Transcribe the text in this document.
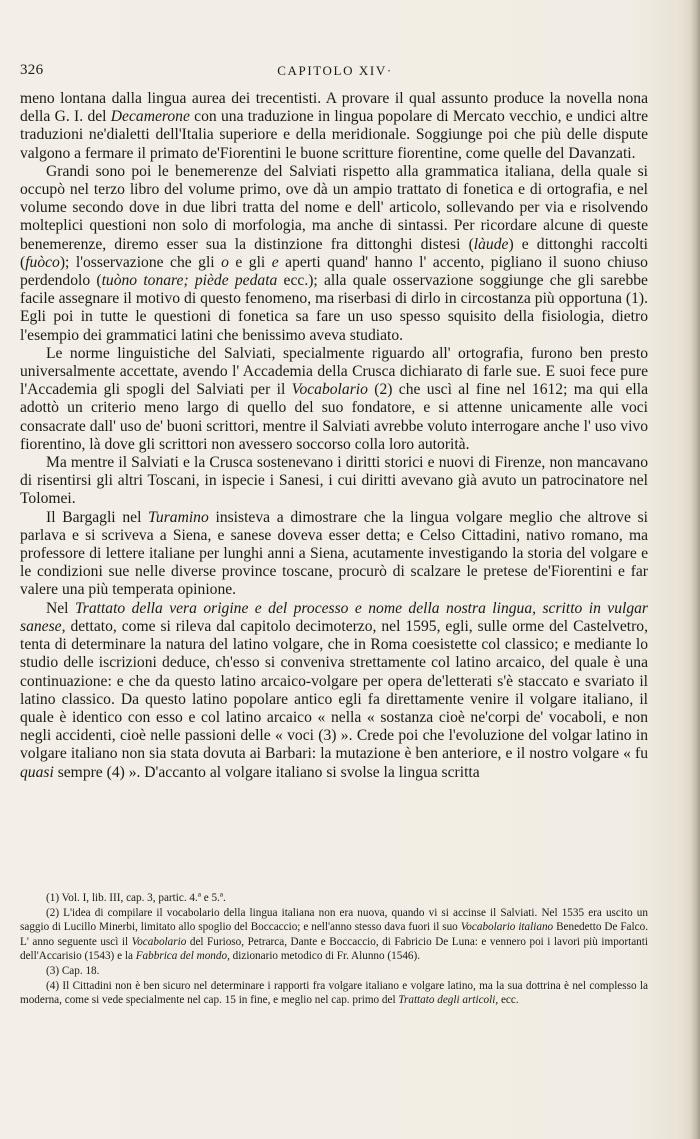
326	CAPITOLO XIV·

meno lontana dalla lingua aurea dei trecentisti. A provare il qual assunto produce la novella nona della G. I. del Decamerone con una traduzione in lingua popolare di Mercato vecchio, e undici altre traduzioni ne'dialetti dell'Italia superiore e della meridionale. Soggiunge poi che più delle dispute valgono a fermare il primato de'Fiorentini le buone scritture fiorentine, come quelle del Davanzati.

Grandi sono poi le benemerenze del Salviati rispetto alla grammatica italiana, della quale si occupò nel terzo libro del volume primo, ove dà un ampio trattato di fonetica e di ortografia, e nel volume secondo dove in due libri tratta del nome e dell' articolo, sollevando per via e risolvendo molteplici questioni non solo di morfologia, ma anche di sintassi. Per ricordare alcune di queste benemerenze, diremo esser sua la distinzione fra dittonghi distesi (làude) e dittonghi raccolti (fuòco); l'osservazione che gli o e gli e aperti quand' hanno l' accento, pigliano il suono chiuso perdendolo (tuòno tonare; piède pedata ecc.); alla quale osservazione soggiunge che gli sarebbe facile assegnare il motivo di questo fenomeno, ma riserbasi di dirlo in circostanza più opportuna (1). Egli poi in tutte le questioni di fonetica sa fare un uso spesso squisito della fisiologia, dietro l'esempio dei grammatici latini che benissimo aveva studiato.

Le norme linguistiche del Salviati, specialmente riguardo all' ortografia, furono ben presto universalmente accettate, avendo l' Accademia della Crusca dichiarato di farle sue. E suoi fece pure l'Accademia gli spogli del Salviati per il Vocabolario (2) che uscì al fine nel 1612; ma qui ella adottò un criterio meno largo di quello del suo fondatore, e si attenne unicamente alle voci consacrate dall' uso de' buoni scrittori, mentre il Salviati avrebbe voluto interrogare anche l' uso vivo fiorentino, là dove gli scrittori non avessero soccorso colla loro autorità.

Ma mentre il Salviati e la Crusca sostenevano i diritti storici e nuovi di Firenze, non mancavano di risentirsi gli altri Toscani, in ispecie i Sanesi, i cui diritti avevano già avuto un patrocinatore nel Tolomei.

Il Bargagli nel Turamino insisteva a dimostrare che la lingua volgare meglio che altrove si parlava e si scriveva a Siena, e sanese doveva esser detta; e Celso Cittadini, nativo romano, ma professore di lettere italiane per lunghi anni a Siena, acutamente investigando la storia del volgare e le condizioni sue nelle diverse province toscane, procurò di scalzare le pretese de'Fiorentini e far valere una più temperata opinione.

Nel Trattato della vera origine e del processo e nome della nostra lingua, scritto in vulgar sanese, dettato, come si rileva dal capitolo decimoterzo, nel 1595, egli, sulle orme del Castelvetro, tenta di determinare la natura del latino volgare, che in Roma coesistette col classico; e mediante lo studio delle iscrizioni deduce, ch'esso si conveniva strettamente col latino arcaico, del quale è una continuazione: e che da questo latino arcaico-volgare per opera de'letterati s'è staccato e svariato il latino classico. Da questo latino popolare antico egli fa direttamente venire il volgare italiano, il quale è identico con esso e col latino arcaico « nella « sostanza cioè ne'corpi de' vocaboli, e non negli accidenti, cioè nelle passioni delle « voci (3) ». Crede poi che l'evoluzione del volgar latino in volgare italiano non sia stata dovuta ai Barbari: la mutazione è ben anteriore, e il nostro volgare « fu quasi sempre (4) ». D'accanto al volgare italiano si svolse la lingua scritta

(1) Vol. I, lib. III, cap. 3, partic. 4.ª e 5.ª.

(2) L'idea di compilare il vocabolario della lingua italiana non era nuova, quando vi si accinse il Salviati. Nel 1535 era uscito un saggio di Lucillo Minerbi, limitato allo spoglio del Boccaccio; e nell'anno stesso dava fuori il suo Vocabolario italiano Benedetto De Falco. L' anno seguente uscì il Vocabolario del Furioso, Petrarca, Dante e Boccaccio, di Fabricio De Luna: e vennero poi i lavori più importanti dell'Accarisio (1543) e la Fabbrica del mondo, dizionario metodico di Fr. Alunno (1546).

(3) Cap. 18.

(4) Il Cittadini non è ben sicuro nel determinare i rapporti fra volgare italiano e volgare latino, ma la sua dottrina è nel complesso la moderna, come si vede specialmente nel cap. 15 in fine, e meglio nel cap. primo del Trattato degli articoli, ecc.
